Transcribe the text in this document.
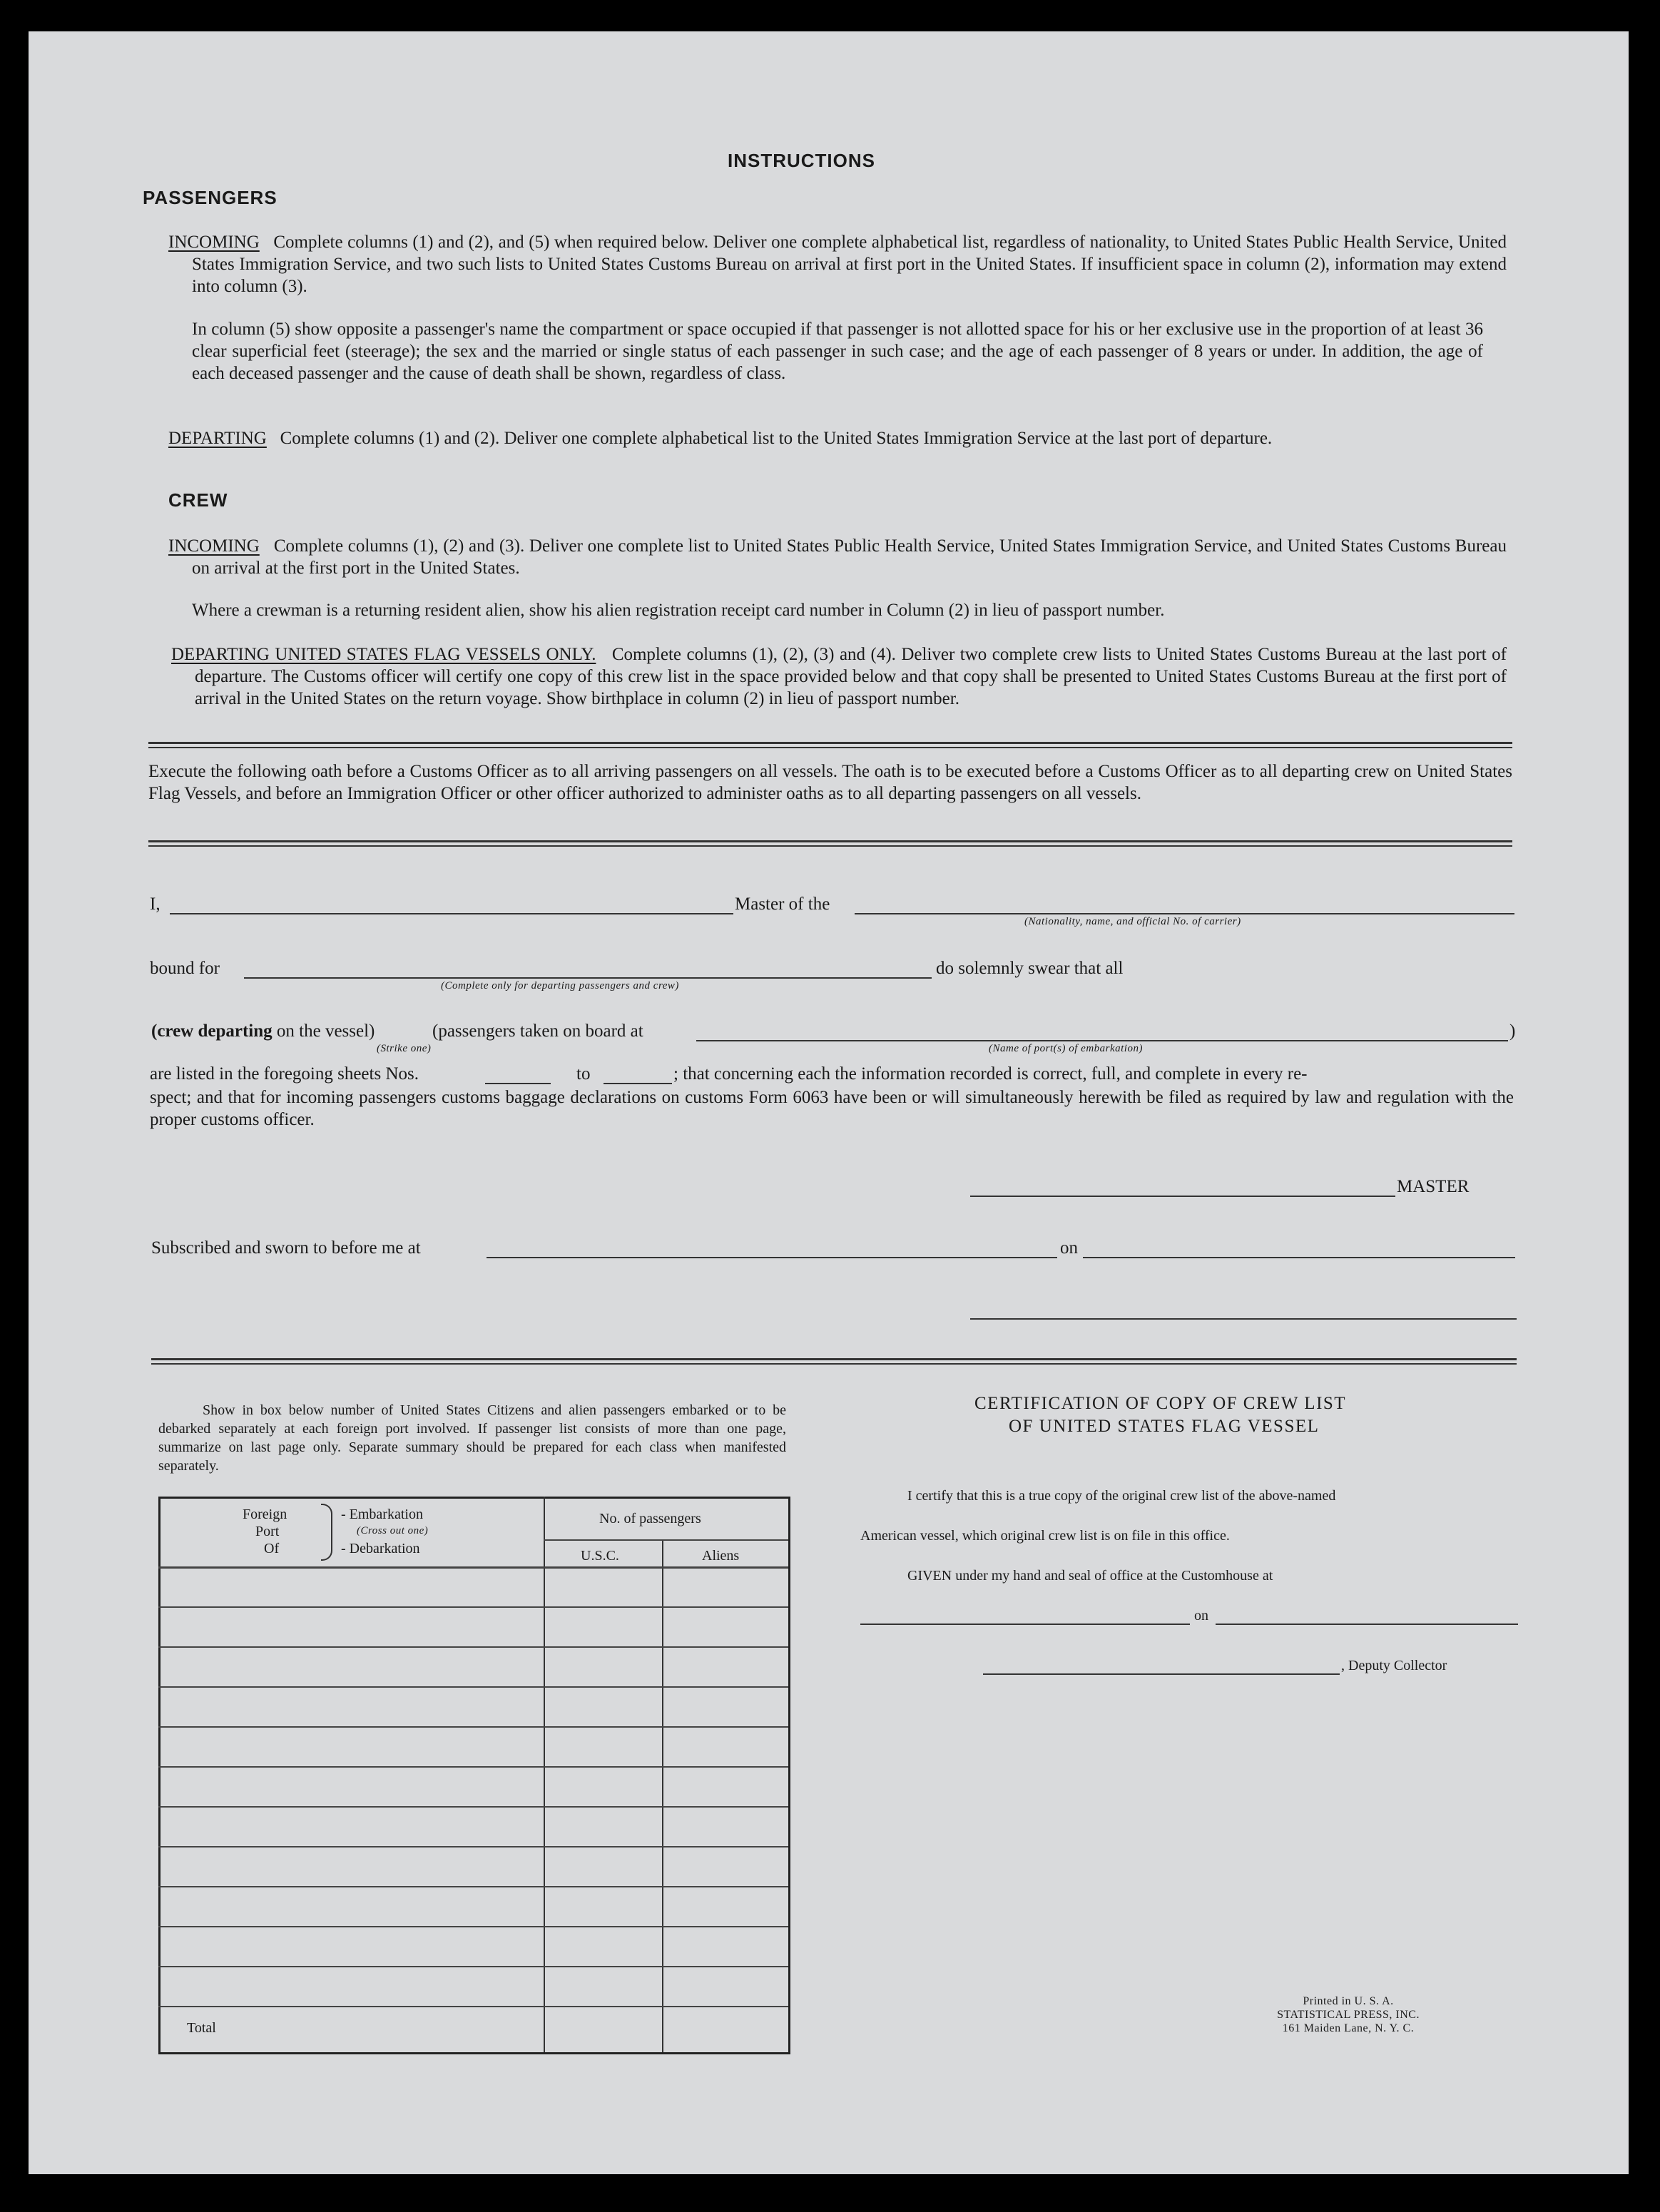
INSTRUCTIONS
PASSENGERS
INCOMING Complete columns (1) and (2), and (5) when required below. Deliver one complete alphabetical list, regardless of nationality, to United States Public Health Service, United States Immigration Service, and two such lists to United States Customs Bureau on arrival at first port in the United States. If insufficient space in column (2), information may extend into column (3).
In column (5) show opposite a passenger's name the compartment or space occupied if that passenger is not allotted space for his or her exclusive use in the proportion of at least 36 clear superficial feet (steerage); the sex and the married or single status of each passenger in such case; and the age of each passenger of 8 years or under. In addition, the age of each deceased passenger and the cause of death shall be shown, regardless of class.
DEPARTING Complete columns (1) and (2). Deliver one complete alphabetical list to the United States Immigration Service at the last port of departure.
CREW
INCOMING Complete columns (1), (2) and (3). Deliver one complete list to United States Public Health Service, United States Immigration Service, and United States Customs Bureau on arrival at the first port in the United States.
Where a crewman is a returning resident alien, show his alien registration receipt card number in Column (2) in lieu of passport number.
DEPARTING UNITED STATES FLAG VESSELS ONLY. Complete columns (1), (2), (3) and (4). Deliver two complete crew lists to United States Customs Bureau at the last port of departure. The Customs officer will certify one copy of this crew list in the space provided below and that copy shall be presented to United States Customs Bureau at the first port of arrival in the United States on the return voyage. Show birthplace in column (2) in lieu of passport number.
Execute the following oath before a Customs Officer as to all arriving passengers on all vessels. The oath is to be executed before a Customs Officer as to all departing crew on United States Flag Vessels, and before an Immigration Officer or other officer authorized to administer oaths as to all departing passengers on all vessels.
I,	Master of the
(Nationality, name, and official No. of carrier)
bound for	do solemnly swear that all
(Complete only for departing passengers and crew)
(crew departing on the vessel)	(passengers taken on board at	)
(Strike one)	(Name of port(s) of embarkation)
are listed in the foregoing sheets Nos.	to	; that concerning each the information recorded is correct, full, and complete in every re-
spect; and that for incoming passengers customs baggage declarations on customs Form 6063 have been or will simultaneously herewith be filed as required by law and regulation with the proper customs officer.
MASTER
Subscribed and sworn to before me at	on
Show in box below number of United States Citizens and alien passengers embarked or to be debarked separately at each foreign port involved. If passenger list consists of more than one page, summarize on last page only. Separate summary should be prepared for each class when manifested separately.
Foreign
Port
Of
- Embarkation
(Cross out one)
- Debarkation
No. of passengers
U.S.C.	Aliens
Total
CERTIFICATION OF COPY OF CREW LIST
OF UNITED STATES FLAG VESSEL
I certify that this is a true copy of the original crew list of the above-named
American vessel, which original crew list is on file in this office.
GIVEN under my hand and seal of office at the Customhouse at
on
, Deputy Collector
Printed in U. S. A.
STATISTICAL PRESS, INC.
161 Maiden Lane, N. Y. C.
